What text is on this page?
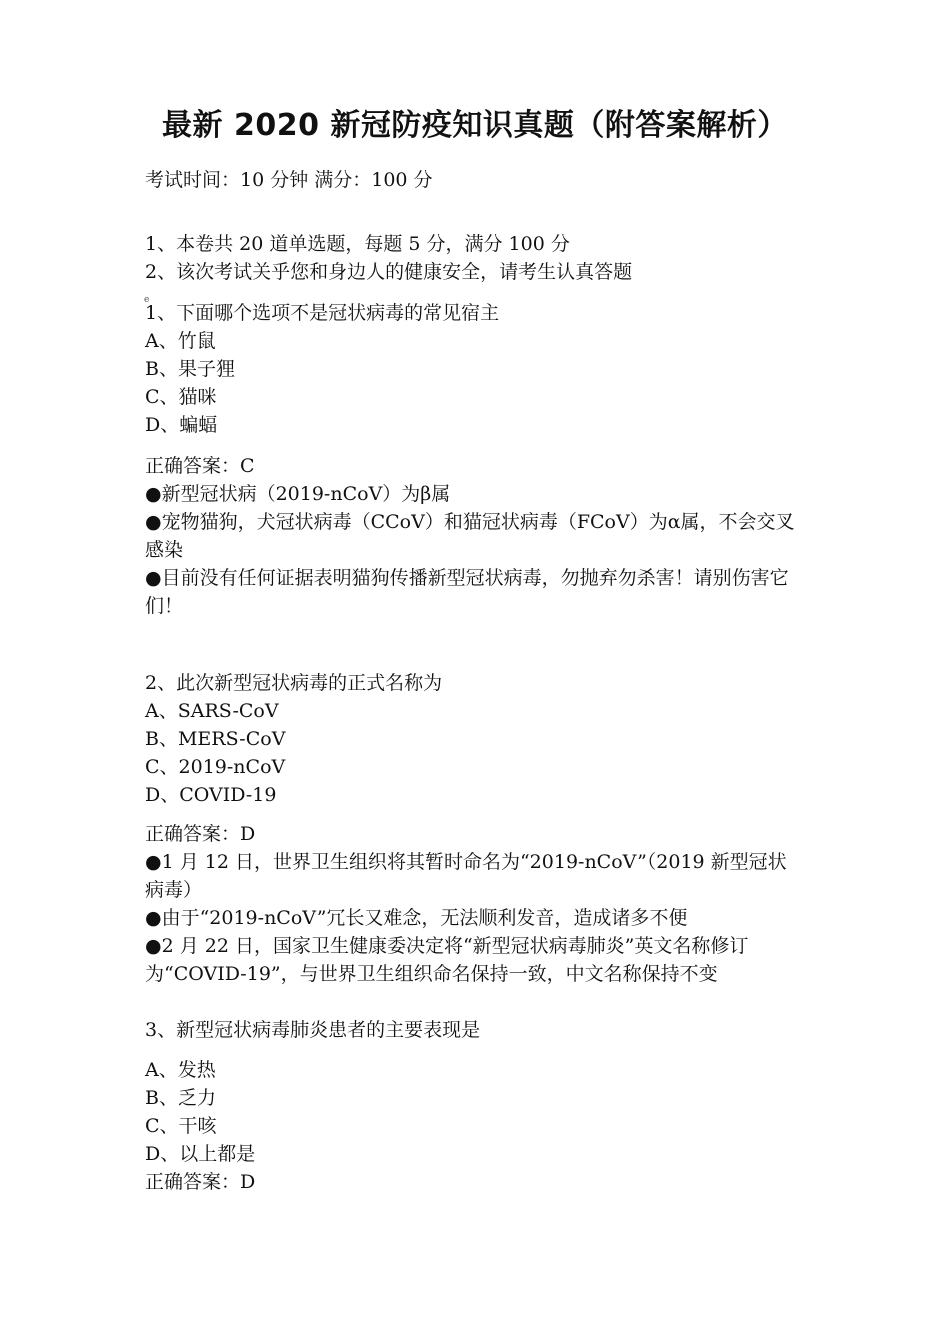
最新 2020 新冠防疫知识真题（附答案解析）
考试时间：10 分钟 满分：100 分
1、本卷共 20 道单选题，每题 5 分，满分 100 分
2、该次考试关乎您和身边人的健康安全，请考生认真答题
e
1、下面哪个选项不是冠状病毒的常见宿主
A、竹鼠
B、果子狸
C、猫咪
D、蝙蝠
正确答案：C
●新型冠状病（2019-nCoV）为β属
●宠物猫狗，犬冠状病毒（CCoV）和猫冠状病毒（FCoV）为α属，不会交叉感染
●目前没有任何证据表明猫狗传播新型冠状病毒，勿抛弃勿杀害！请别伤害它们！
2、此次新型冠状病毒的正式名称为
A、SARS-CoV
B、MERS-CoV
C、2019-nCoV
D、COVID-19
正确答案：D
●1 月 12 日，世界卫生组织将其暂时命名为“2019-nCoV”（2019 新型冠状病毒）
●由于“2019-nCoV”冗长又难念，无法顺利发音，造成诸多不便
●2 月 22 日，国家卫生健康委决定将“新型冠状病毒肺炎”英文名称修订为“COVID-19”，与世界卫生组织命名保持一致，中文名称保持不变
3、新型冠状病毒肺炎患者的主要表现是
A、发热
B、乏力
C、干咳
D、以上都是
正确答案：D
